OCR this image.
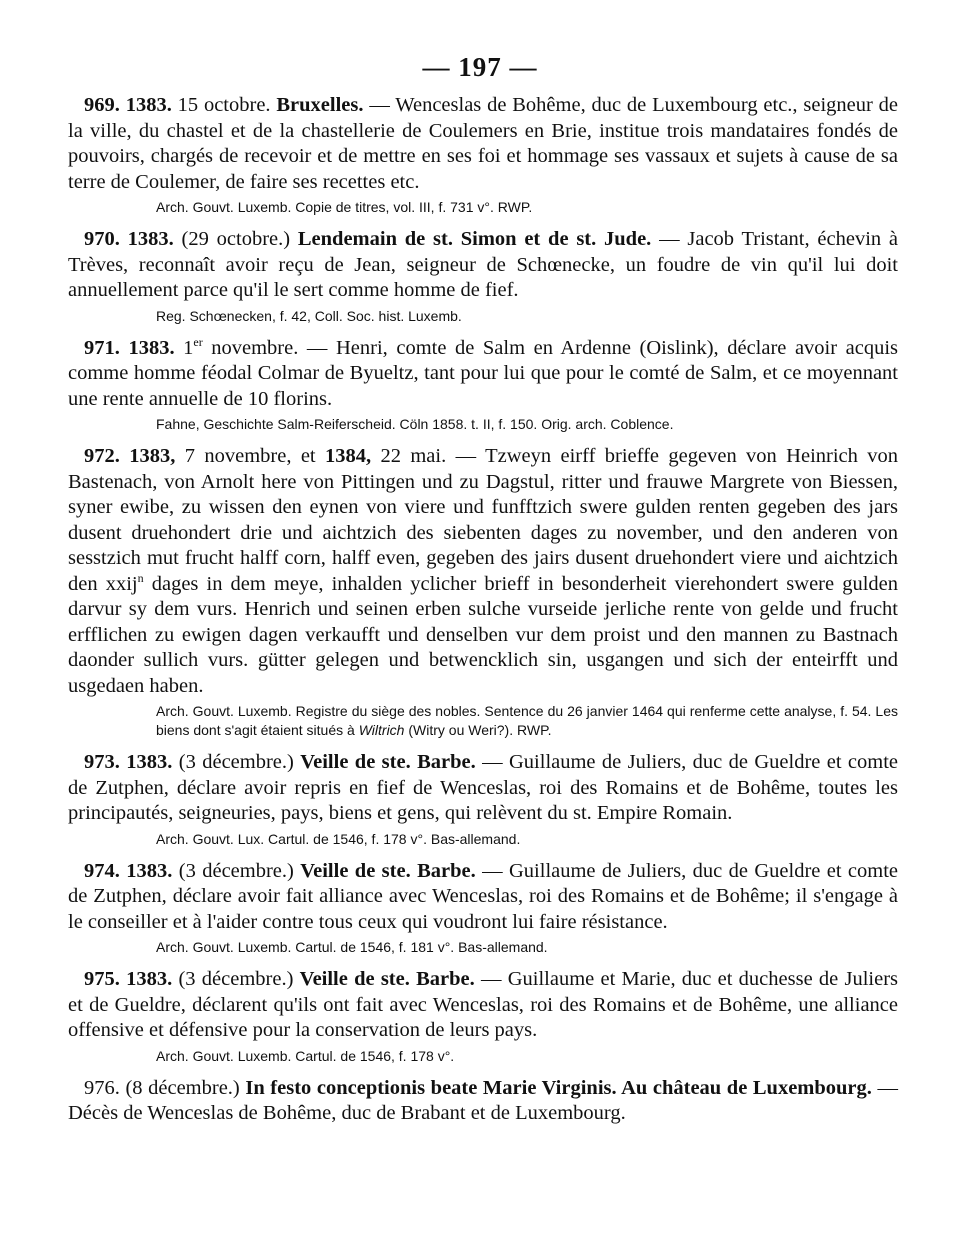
— 197 —

969. 1383. 15 octobre. Bruxelles. — Wenceslas de Bohême, duc de Luxembourg etc., seigneur de la ville, du chastel et de la chastellerie de Coulemers en Brie, institue trois mandataires fondés de pouvoirs, chargés de recevoir et de mettre en ses foi et hommage ses vassaux et sujets à cause de sa terre de Coulemer, de faire ses recettes etc.

Arch. Gouvt. Luxemb. Copie de titres, vol. III, f. 731 v°. RWP.

970. 1383. (29 octobre.) Lendemain de st. Simon et de st. Jude. — Jacob Tristant, échevin à Trèves, reconnaît avoir reçu de Jean, seigneur de Schœnecke, un foudre de vin qu'il lui doit annuellement parce qu'il le sert comme homme de fief.

Reg. Schœnecken, f. 42, Coll. Soc. hist. Luxemb.

971. 1383. 1er novembre. — Henri, comte de Salm en Ardenne (Oislink), déclare avoir acquis comme homme féodal Colmar de Byueltz, tant pour lui que pour le comté de Salm, et ce moyennant une rente annuelle de 10 florins.

Fahne, Geschichte Salm-Reiferscheid. Cöln 1858. t. II, f. 150. Orig. arch. Coblence.

972. 1383, 7 novembre, et 1384, 22 mai. — Tzweyn eirff brieffe gegeven von Heinrich von Bastenach, von Arnolt here von Pittingen und zu Dagstul, ritter und frauwe Margrete von Biessen, syner ewibe, zu wissen den eynen von viere und funfftzich swere gulden renten gegeben des jars dusent druehondert drie und aichtzich des siebenten dages zu november, und den anderen von sesstzich mut frucht halff corn, halff even, gegeben des jairs dusent druehondert viere und aichtzich den xxij$^n$ dages in dem meye, inhalden yclicher brieff in besonderheit vierehondert swere gulden darvur sy dem vurs. Henrich und seinen erben sulche vurseide jerliche rente von gelde und frucht erfflichen zu ewigen dagen verkaufft und denselben vur dem proist und den mannen zu Bastnach daonder sullich vurs. gütter gelegen und betwencklich sin, usgangen und sich der enteirfft und usgedaen haben.

Arch. Gouvt. Luxemb. Registre du siège des nobles. Sentence du 26 janvier 1464 qui renferme cette analyse, f. 54. Les biens dont s'agit étaient situés à Wiltrich (Witry ou Weri?). RWP.

973. 1383. (3 décembre.) Veille de ste. Barbe. — Guillaume de Juliers, duc de Gueldre et comte de Zutphen, déclare avoir repris en fief de Wenceslas, roi des Romains et de Bohême, toutes les principautés, seigneuries, pays, biens et gens, qui relèvent du st. Empire Romain.

Arch. Gouvt. Lux. Cartul. de 1546, f. 178 v°. Bas-allemand.

974. 1383. (3 décembre.) Veille de ste. Barbe. — Guillaume de Juliers, duc de Gueldre et comte de Zutphen, déclare avoir fait alliance avec Wenceslas, roi des Romains et de Bohême; il s'engage à le conseiller et à l'aider contre tous ceux qui voudront lui faire résistance.

Arch. Gouvt. Luxemb. Cartul. de 1546, f. 181 v°. Bas-allemand.

975. 1383. (3 décembre.) Veille de ste. Barbe. — Guillaume et Marie, duc et duchesse de Juliers et de Gueldre, déclarent qu'ils ont fait avec Wenceslas, roi des Romains et de Bohême, une alliance offensive et défensive pour la conservation de leurs pays.

Arch. Gouvt. Luxemb. Cartul. de 1546, f. 178 v°.

976. (8 décembre.) In festo conceptionis beate Marie Virginis. Au château de Luxembourg. — Décès de Wenceslas de Bohême, duc de Brabant et de Luxembourg.
